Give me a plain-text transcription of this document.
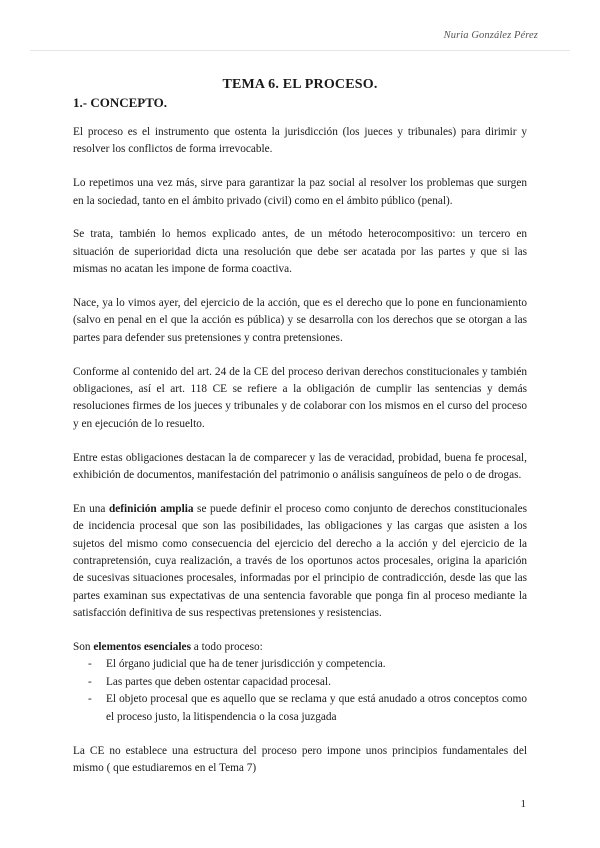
Nuria González Pérez
TEMA 6. EL PROCESO.
1.- CONCEPTO.

El proceso es el instrumento que ostenta la jurisdicción (los jueces y tribunales) para dirimir y resolver los conflictos de forma irrevocable.

Lo repetimos una vez más, sirve para garantizar la paz social al resolver los problemas que surgen en la sociedad, tanto en el ámbito privado (civil) como en el ámbito público (penal).

Se trata, también lo hemos explicado antes, de un método heterocompositivo: un tercero en situación de superioridad dicta una resolución que debe ser acatada por las partes y que si las mismas no acatan les impone de forma coactiva.

Nace, ya lo vimos ayer, del ejercicio de la acción, que es el derecho que lo pone en funcionamiento (salvo en penal en el que la acción es pública) y se desarrolla con los derechos que se otorgan a las partes para defender sus pretensiones y contra pretensiones.

Conforme al contenido del art. 24 de la CE del proceso derivan derechos constitucionales y también obligaciones, así el art. 118 CE se refiere a la obligación de cumplir las sentencias y demás resoluciones firmes de los jueces y tribunales y de colaborar con los mismos en el curso del proceso y en ejecución de lo resuelto.

Entre estas obligaciones destacan la de comparecer y las de veracidad, probidad, buena fe procesal, exhibición de documentos, manifestación del patrimonio o análisis sanguíneos de pelo o de drogas.

En una definición amplia se puede definir el proceso como conjunto de derechos constitucionales de incidencia procesal que son las posibilidades, las obligaciones y las cargas que asisten a los sujetos del mismo como consecuencia del ejercicio del derecho a la acción y del ejercicio de la contrapretensión, cuya realización, a través de los oportunos actos procesales, origina la aparición de sucesivas situaciones procesales, informadas por el principio de contradicción, desde las que las partes examinan sus expectativas de una sentencia favorable que ponga fin al proceso mediante la satisfacción definitiva de sus respectivas pretensiones y resistencias.

Son elementos esenciales a todo proceso:
- El órgano judicial que ha de tener jurisdicción y competencia.
- Las partes que deben ostentar capacidad procesal.
- El objeto procesal que es aquello que se reclama y que está anudado a otros conceptos como el proceso justo, la litispendencia o la cosa juzgada

La CE no establece una estructura del proceso pero impone unos principios fundamentales del mismo ( que estudiaremos en el Tema 7)

1
